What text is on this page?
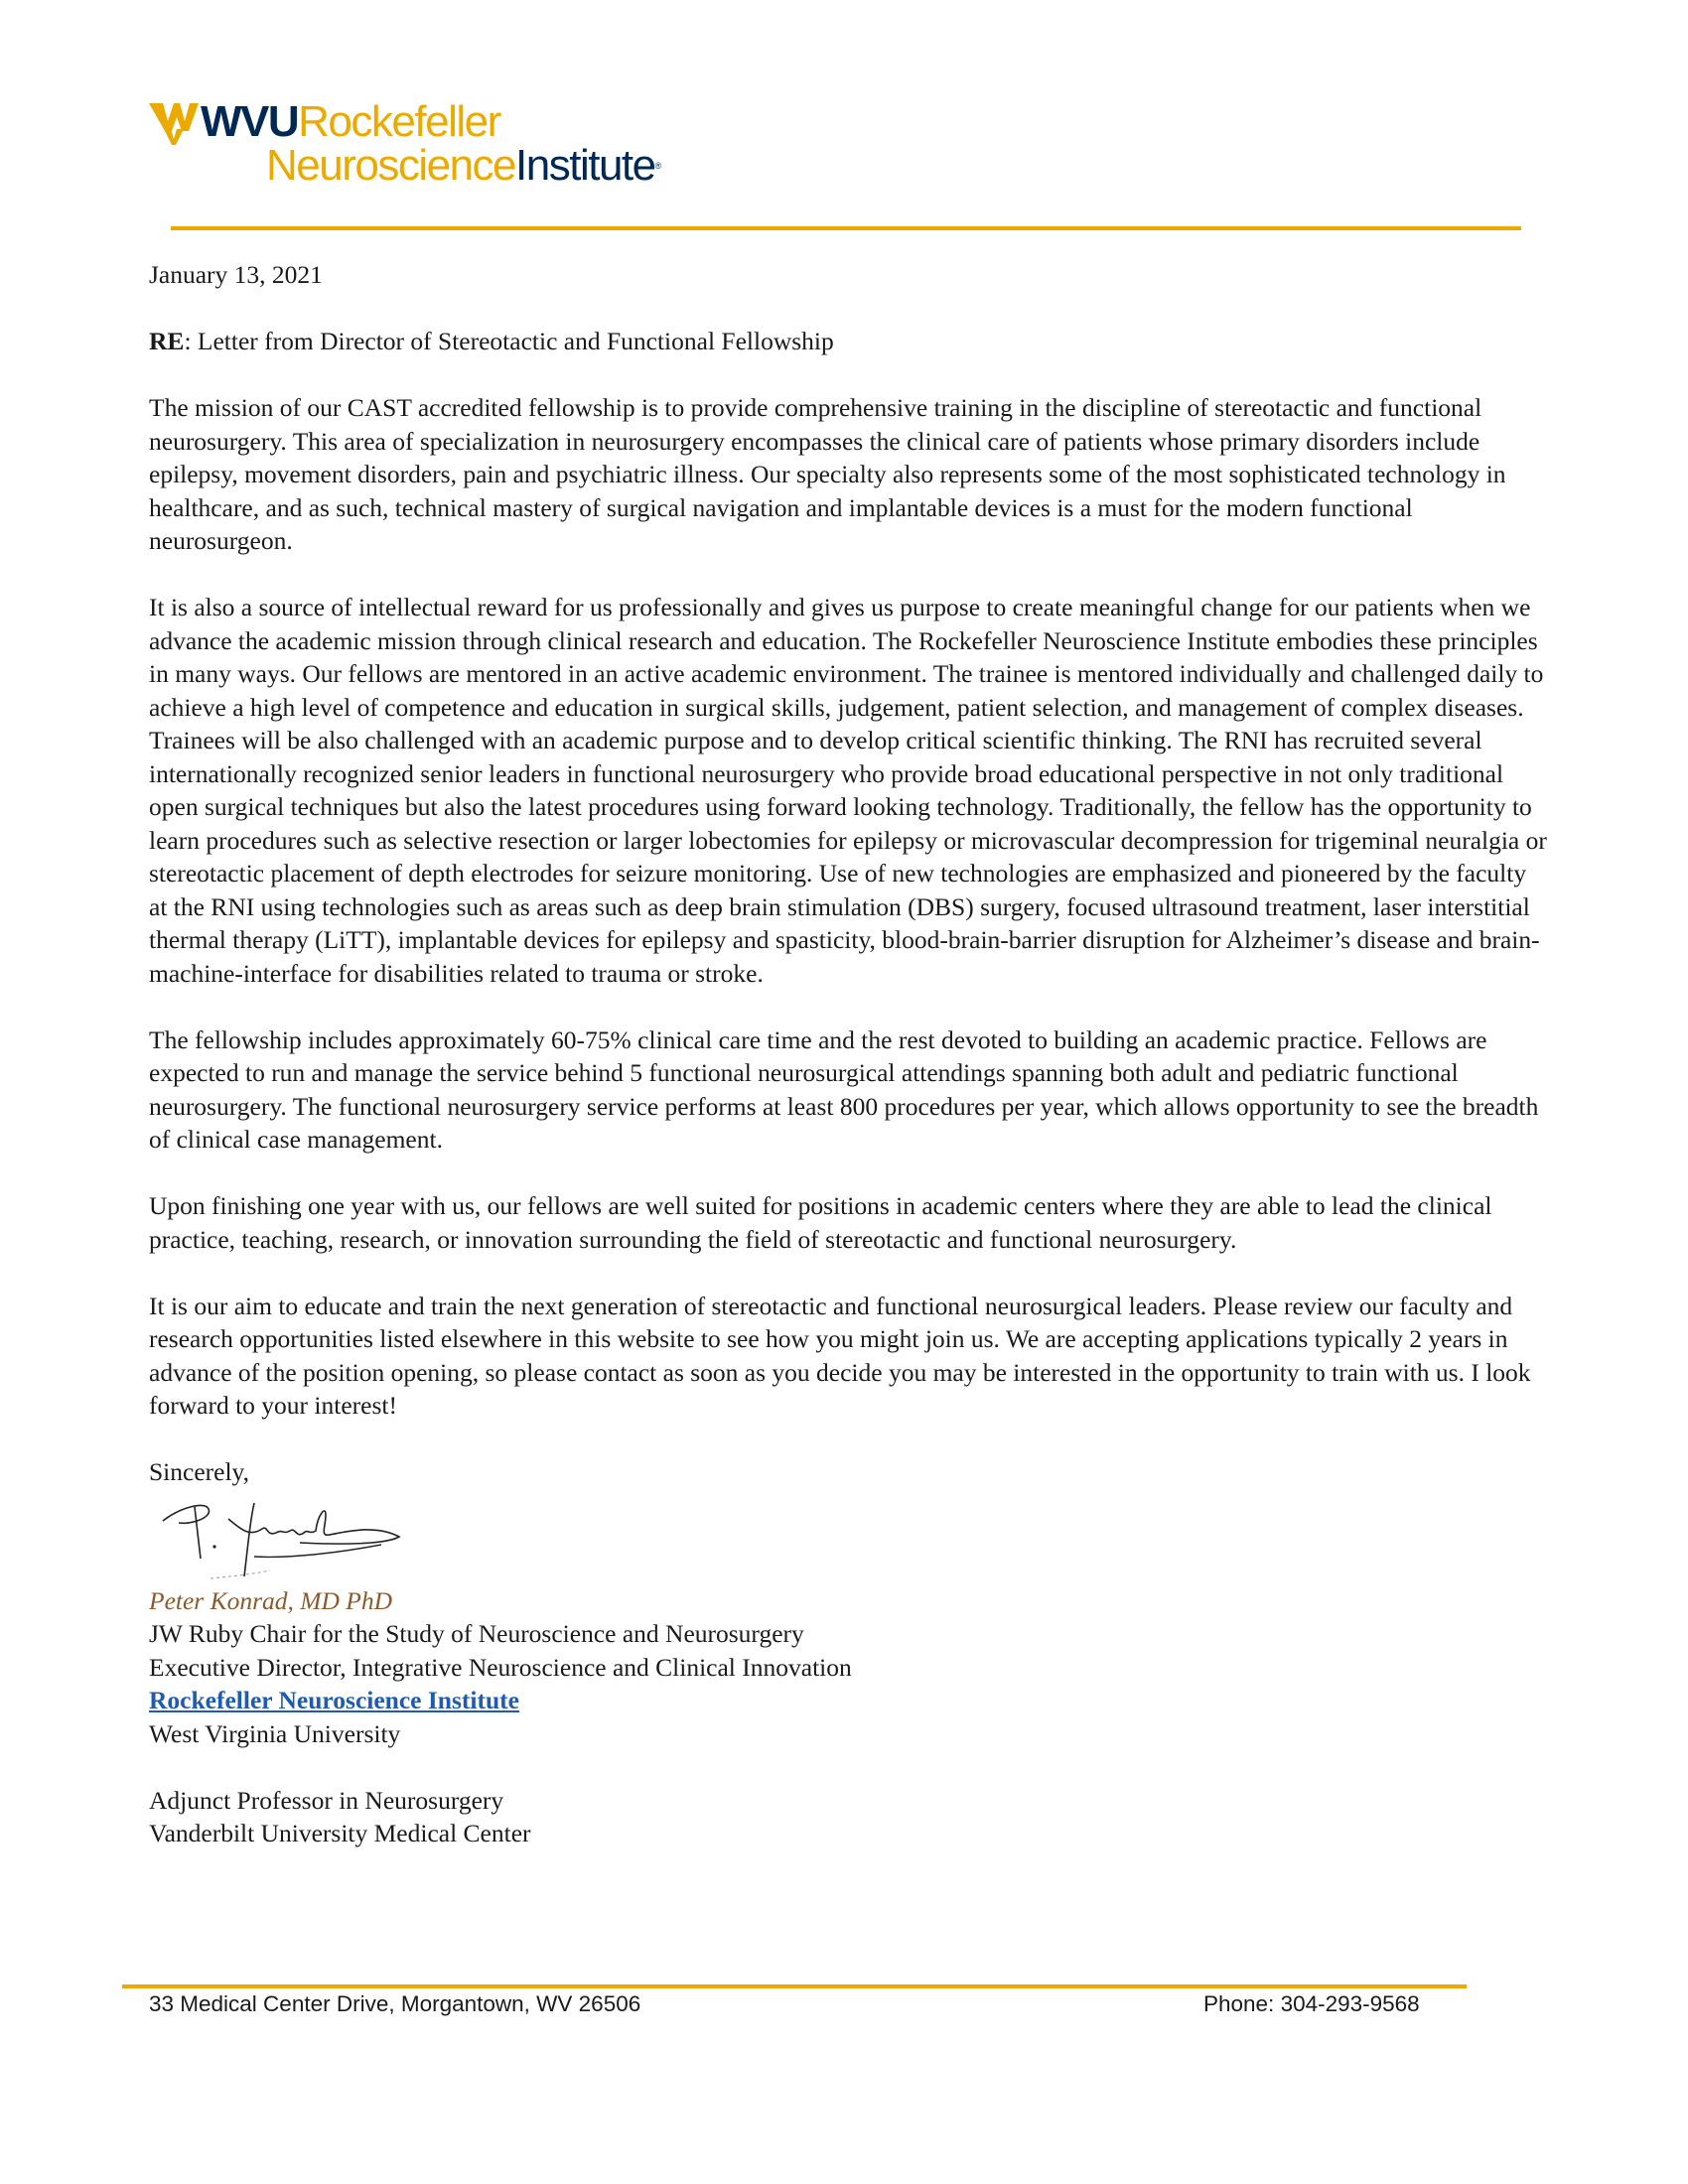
WVURockefeller
NeuroscienceInstitute®

January 13, 2021

RE: Letter from Director of Stereotactic and Functional Fellowship

The mission of our CAST accredited fellowship is to provide comprehensive training in the discipline of stereotactic and functional neurosurgery. This area of specialization in neurosurgery encompasses the clinical care of patients whose primary disorders include epilepsy, movement disorders, pain and psychiatric illness. Our specialty also represents some of the most sophisticated technology in healthcare, and as such, technical mastery of surgical navigation and implantable devices is a must for the modern functional neurosurgeon.

It is also a source of intellectual reward for us professionally and gives us purpose to create meaningful change for our patients when we advance the academic mission through clinical research and education. The Rockefeller Neuroscience Institute embodies these principles in many ways. Our fellows are mentored in an active academic environment. The trainee is mentored individually and challenged daily to achieve a high level of competence and education in surgical skills, judgement, patient selection, and management of complex diseases. Trainees will be also challenged with an academic purpose and to develop critical scientific thinking. The RNI has recruited several internationally recognized senior leaders in functional neurosurgery who provide broad educational perspective in not only traditional open surgical techniques but also the latest procedures using forward looking technology. Traditionally, the fellow has the opportunity to learn procedures such as selective resection or larger lobectomies for epilepsy or microvascular decompression for trigeminal neuralgia or stereotactic placement of depth electrodes for seizure monitoring. Use of new technologies are emphasized and pioneered by the faculty at the RNI using technologies such as areas such as deep brain stimulation (DBS) surgery, focused ultrasound treatment, laser interstitial thermal therapy (LiTT), implantable devices for epilepsy and spasticity, blood-brain-barrier disruption for Alzheimer’s disease and brain-machine-interface for disabilities related to trauma or stroke.

The fellowship includes approximately 60-75% clinical care time and the rest devoted to building an academic practice. Fellows are expected to run and manage the service behind 5 functional neurosurgical attendings spanning both adult and pediatric functional neurosurgery. The functional neurosurgery service performs at least 800 procedures per year, which allows opportunity to see the breadth of clinical case management.

Upon finishing one year with us, our fellows are well suited for positions in academic centers where they are able to lead the clinical practice, teaching, research, or innovation surrounding the field of stereotactic and functional neurosurgery.

It is our aim to educate and train the next generation of stereotactic and functional neurosurgical leaders. Please review our faculty and research opportunities listed elsewhere in this website to see how you might join us. We are accepting applications typically 2 years in advance of the position opening, so please contact as soon as you decide you may be interested in the opportunity to train with us. I look forward to your interest!

Sincerely,

Peter Konrad, MD PhD

JW Ruby Chair for the Study of Neuroscience and Neurosurgery

Executive Director, Integrative Neuroscience and Clinical Innovation

Rockefeller Neuroscience Institute

West Virginia University

Adjunct Professor in Neurosurgery

Vanderbilt University Medical Center

33 Medical Center Drive, Morgantown, WV 26506	Phone: 304-293-9568
